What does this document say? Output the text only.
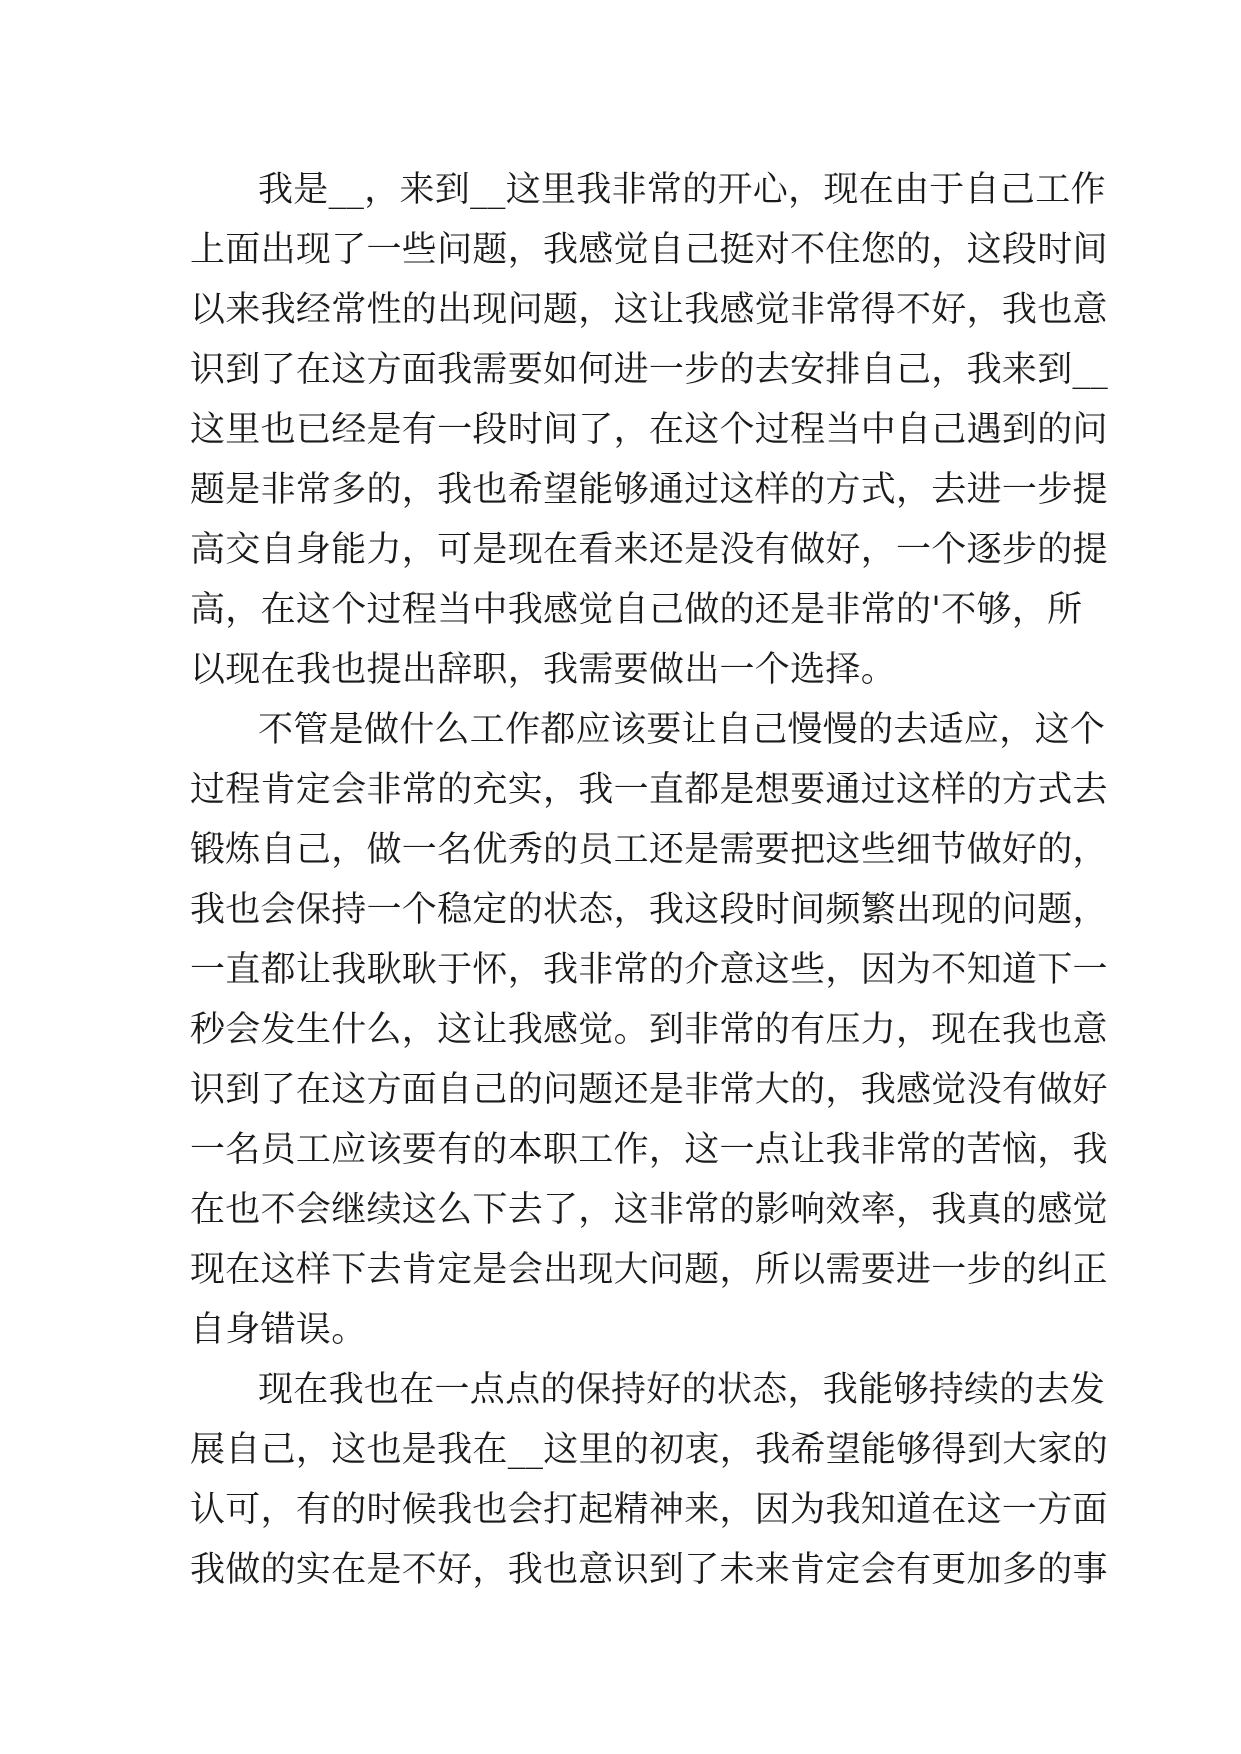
我是__，来到__这里我非常的开心，现在由于自己工作
上面出现了一些问题，我感觉自己挺对不住您的，这段时间
以来我经常性的出现问题，这让我感觉非常得不好，我也意
识到了在这方面我需要如何进一步的去安排自己，我来到__
这里也已经是有一段时间了，在这个过程当中自己遇到的问
题是非常多的，我也希望能够通过这样的方式，去进一步提
高交自身能力，可是现在看来还是没有做好，一个逐步的提
高，在这个过程当中我感觉自己做的还是非常的'不够，所
以现在我也提出辞职，我需要做出一个选择。
不管是做什么工作都应该要让自己慢慢的去适应，这个
过程肯定会非常的充实，我一直都是想要通过这样的方式去
锻炼自己，做一名优秀的员工还是需要把这些细节做好的，
我也会保持一个稳定的状态，我这段时间频繁出现的问题，
一直都让我耿耿于怀，我非常的介意这些，因为不知道下一
秒会发生什么，这让我感觉。到非常的有压力，现在我也意
识到了在这方面自己的问题还是非常大的，我感觉没有做好
一名员工应该要有的本职工作，这一点让我非常的苦恼，我
在也不会继续这么下去了，这非常的影响效率，我真的感觉
现在这样下去肯定是会出现大问题，所以需要进一步的纠正
自身错误。
现在我也在一点点的保持好的状态，我能够持续的去发
展自己，这也是我在__这里的初衷，我希望能够得到大家的
认可，有的时候我也会打起精神来，因为我知道在这一方面
我做的实在是不好，我也意识到了未来肯定会有更加多的事
